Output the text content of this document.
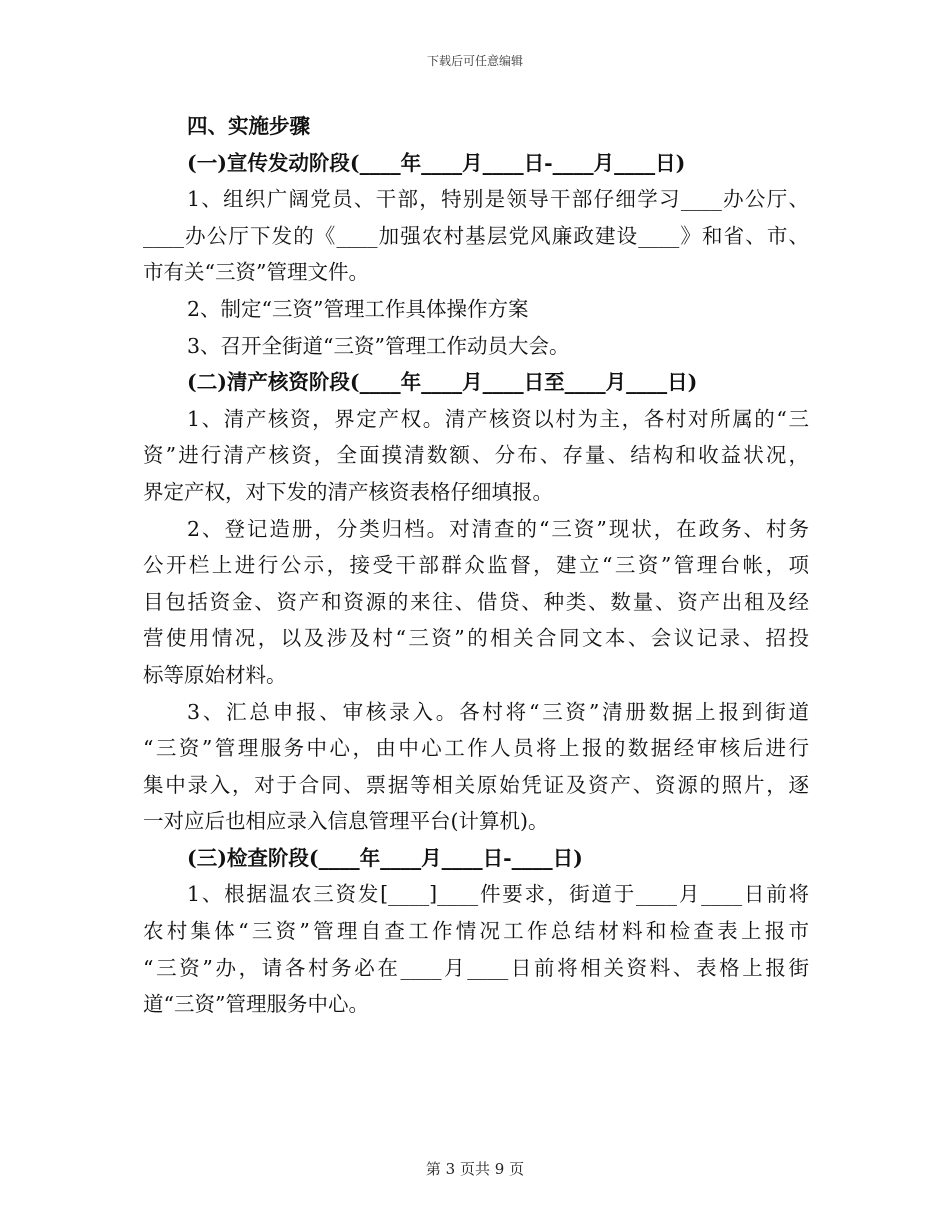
下载后可任意编辑
四、实施步骤
(一)宣传发动阶段(____年____月____日-____月____日)
1、组织广阔党员、干部，特别是领导干部仔细学习____办公厅、
____办公厅下发的《____加强农村基层党风廉政建设____》和省、市、
市有关“三资”管理文件。
2、制定“三资”管理工作具体操作方案
3、召开全街道“三资”管理工作动员大会。
(二)清产核资阶段(____年____月____日至____月____日)
1、清产核资，界定产权。清产核资以村为主，各村对所属的“三
资”进行清产核资，全面摸清数额、分布、存量、结构和收益状况，
界定产权，对下发的清产核资表格仔细填报。
2、登记造册，分类归档。对清查的“三资”现状，在政务、村务
公开栏上进行公示，接受干部群众监督，建立“三资”管理台帐，项
目包括资金、资产和资源的来往、借贷、种类、数量、资产出租及经
营使用情况，以及涉及村“三资”的相关合同文本、会议记录、招投
标等原始材料。
3、汇总申报、审核录入。各村将“三资”清册数据上报到街道
“三资”管理服务中心，由中心工作人员将上报的数据经审核后进行
集中录入，对于合同、票据等相关原始凭证及资产、资源的照片，逐
一对应后也相应录入信息管理平台(计算机)。
(三)检查阶段(____年____月____日-____日)
1、根据温农三资发[____]____件要求，街道于____月____日前将
农村集体“三资”管理自查工作情况工作总结材料和检查表上报市
“三资”办，请各村务必在____月____日前将相关资料、表格上报街
道“三资”管理服务中心。
第 3 页共 9 页
